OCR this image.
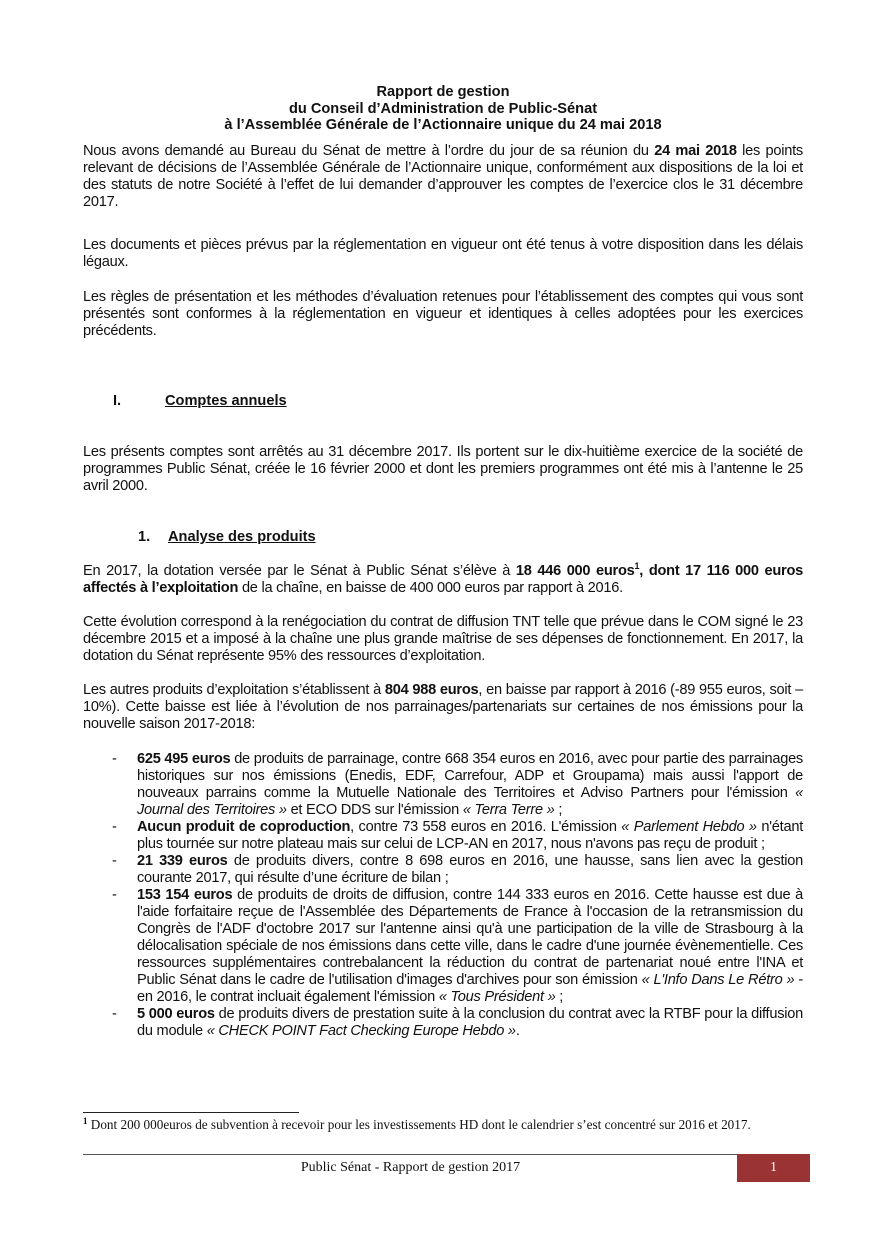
Rapport de gestion
du Conseil d’Administration de Public-Sénat
à l’Assemblée Générale de l’Actionnaire unique du 24 mai 2018

Nous avons demandé au Bureau du Sénat de mettre à l’ordre du jour de sa réunion du 24 mai 2018 les points relevant de décisions de l’Assemblée Générale de l’Actionnaire unique, conformément aux dispositions de la loi et des statuts de notre Société à l’effet de lui demander d’approuver les comptes de l’exercice clos le 31 décembre 2017.

Les documents et pièces prévus par la réglementation en vigueur ont été tenus à votre disposition dans les délais légaux.

Les règles de présentation et les méthodes d’évaluation retenues pour l’établissement des comptes qui vous sont présentés sont conformes à la réglementation en vigueur et identiques à celles adoptées pour les exercices précédents.

I.	Comptes annuels

Les présents comptes sont arrêtés au 31 décembre 2017. Ils portent sur le dix-huitième exercice de la société de programmes Public Sénat, créée le 16 février 2000 et dont les premiers programmes ont été mis à l’antenne le 25 avril 2000.

1. Analyse des produits

En 2017, la dotation versée par le Sénat à Public Sénat s’élève à 18 446 000 euros$^1$, dont 17 116 000 euros affectés à l’exploitation de la chaîne, en baisse de 400 000 euros par rapport à 2016.

Cette évolution correspond à la renégociation du contrat de diffusion TNT telle que prévue dans le COM signé le 23 décembre 2015 et a imposé à la chaîne une plus grande maîtrise de ses dépenses de fonctionnement. En 2017, la dotation du Sénat représente 95% des ressources d’exploitation.

Les autres produits d’exploitation s’établissent à 804 988 euros, en baisse par rapport à 2016 (-89 955 euros, soit – 10%). Cette baisse est liée à l’évolution de nos parrainages/partenariats sur certaines de nos émissions pour la nouvelle saison 2017-2018:

- 625 495 euros de produits de parrainage, contre 668 354 euros en 2016, avec pour partie des parrainages historiques sur nos émissions (Enedis, EDF, Carrefour, ADP et Groupama) mais aussi l'apport de nouveaux parrains comme la Mutuelle Nationale des Territoires et Adviso Partners pour l'émission « Journal des Territoires » et ECO DDS sur l'émission « Terra Terre » ;
- Aucun produit de coproduction, contre 73 558 euros en 2016. L'émission « Parlement Hebdo » n'étant plus tournée sur notre plateau mais sur celui de LCP-AN en 2017, nous n'avons pas reçu de produit ;
- 21 339 euros de produits divers, contre 8 698 euros en 2016, une hausse, sans lien avec la gestion courante 2017, qui résulte d’une écriture de bilan ;
- 153 154 euros de produits de droits de diffusion, contre 144 333 euros en 2016. Cette hausse est due à l'aide forfaitaire reçue de l'Assemblée des Départements de France à l'occasion de la retransmission du Congrès de l'ADF d'octobre 2017 sur l'antenne ainsi qu'à une participation de la ville de Strasbourg à la délocalisation spéciale de nos émissions dans cette ville, dans le cadre d'une journée évènementielle. Ces ressources supplémentaires contrebalancent la réduction du contrat de partenariat noué entre l'INA et Public Sénat dans le cadre de l'utilisation d'images d'archives pour son émission « L'Info Dans Le Rétro » - en 2016, le contrat incluait également l'émission « Tous Président » ;
- 5 000 euros de produits divers de prestation suite à la conclusion du contrat avec la RTBF pour la diffusion du module « CHECK POINT Fact Checking Europe Hebdo ».
$^1$ Dont 200 000euros de subvention à recevoir pour les investissements HD dont le calendrier s’est concentré sur 2016 et 2017.
Public Sénat - Rapport de gestion 2017	1
